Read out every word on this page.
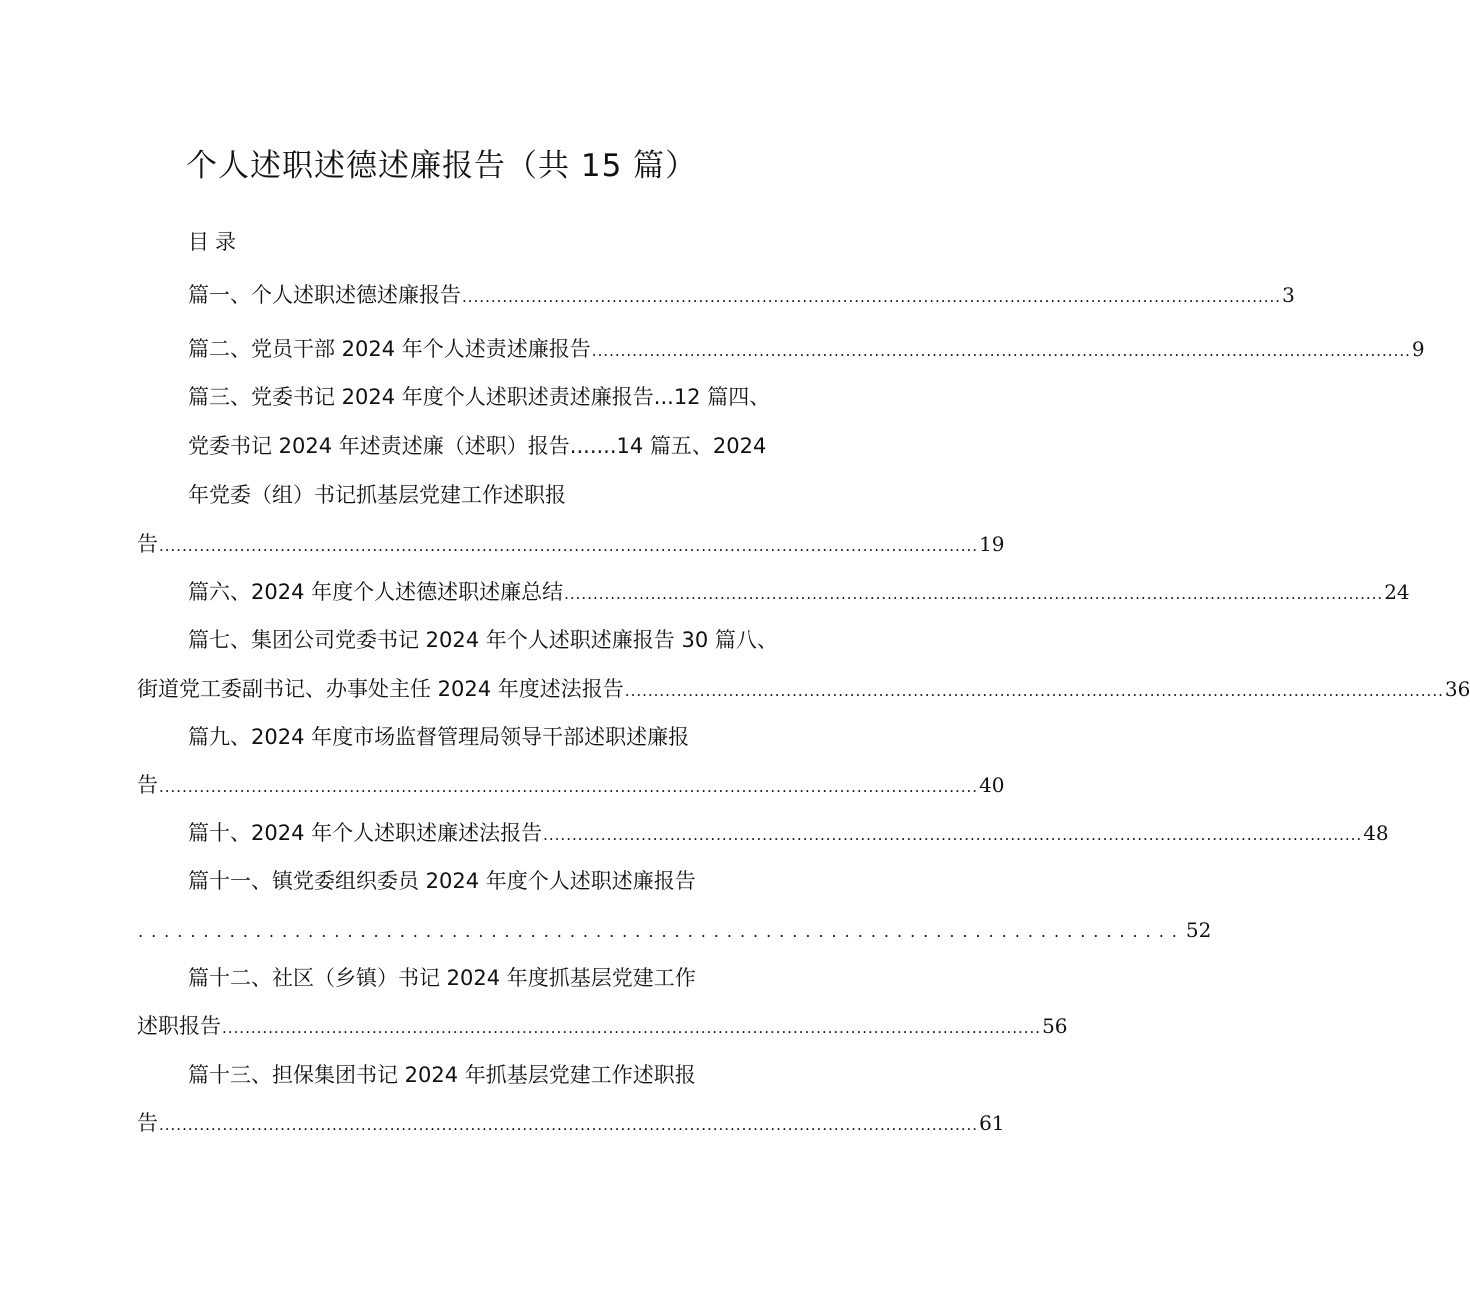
个人述职述德述廉报告（共 15 篇）
目录
篇一、个人述职述德述廉报告 .............................................................................................................................................. 3
篇二、党员干部 2024 年个人述责述廉报告 .............................................................................................................................................. 9
篇三、党委书记 2024 年度个人述职述责述廉报告...12 篇四、
党委书记 2024 年述责述廉（述职）报告.......14 篇五、2024
年党委（组）书记抓基层党建工作述职报
告 .............................................................................................................................................. 19
篇六、2024 年度个人述德述职述廉总结 .............................................................................................................................................. 24
篇七、集团公司党委书记 2024 年个人述职述廉报告 30 篇八、
街道党工委副书记、办事处主任 2024 年度述法报告 .............................................................................................................................................. 36
篇九、2024 年度市场监督管理局领导干部述职述廉报
告 .............................................................................................................................................. 40
篇十、2024 年个人述职述廉述法报告 .............................................................................................................................................. 48
篇十一、镇党委组织委员 2024 年度个人述职述廉报告
................................................................................ 52
篇十二、社区（乡镇）书记 2024 年度抓基层党建工作
述职报告 .............................................................................................................................................. 56
篇十三、担保集团书记 2024 年抓基层党建工作述职报
告 .............................................................................................................................................. 61
